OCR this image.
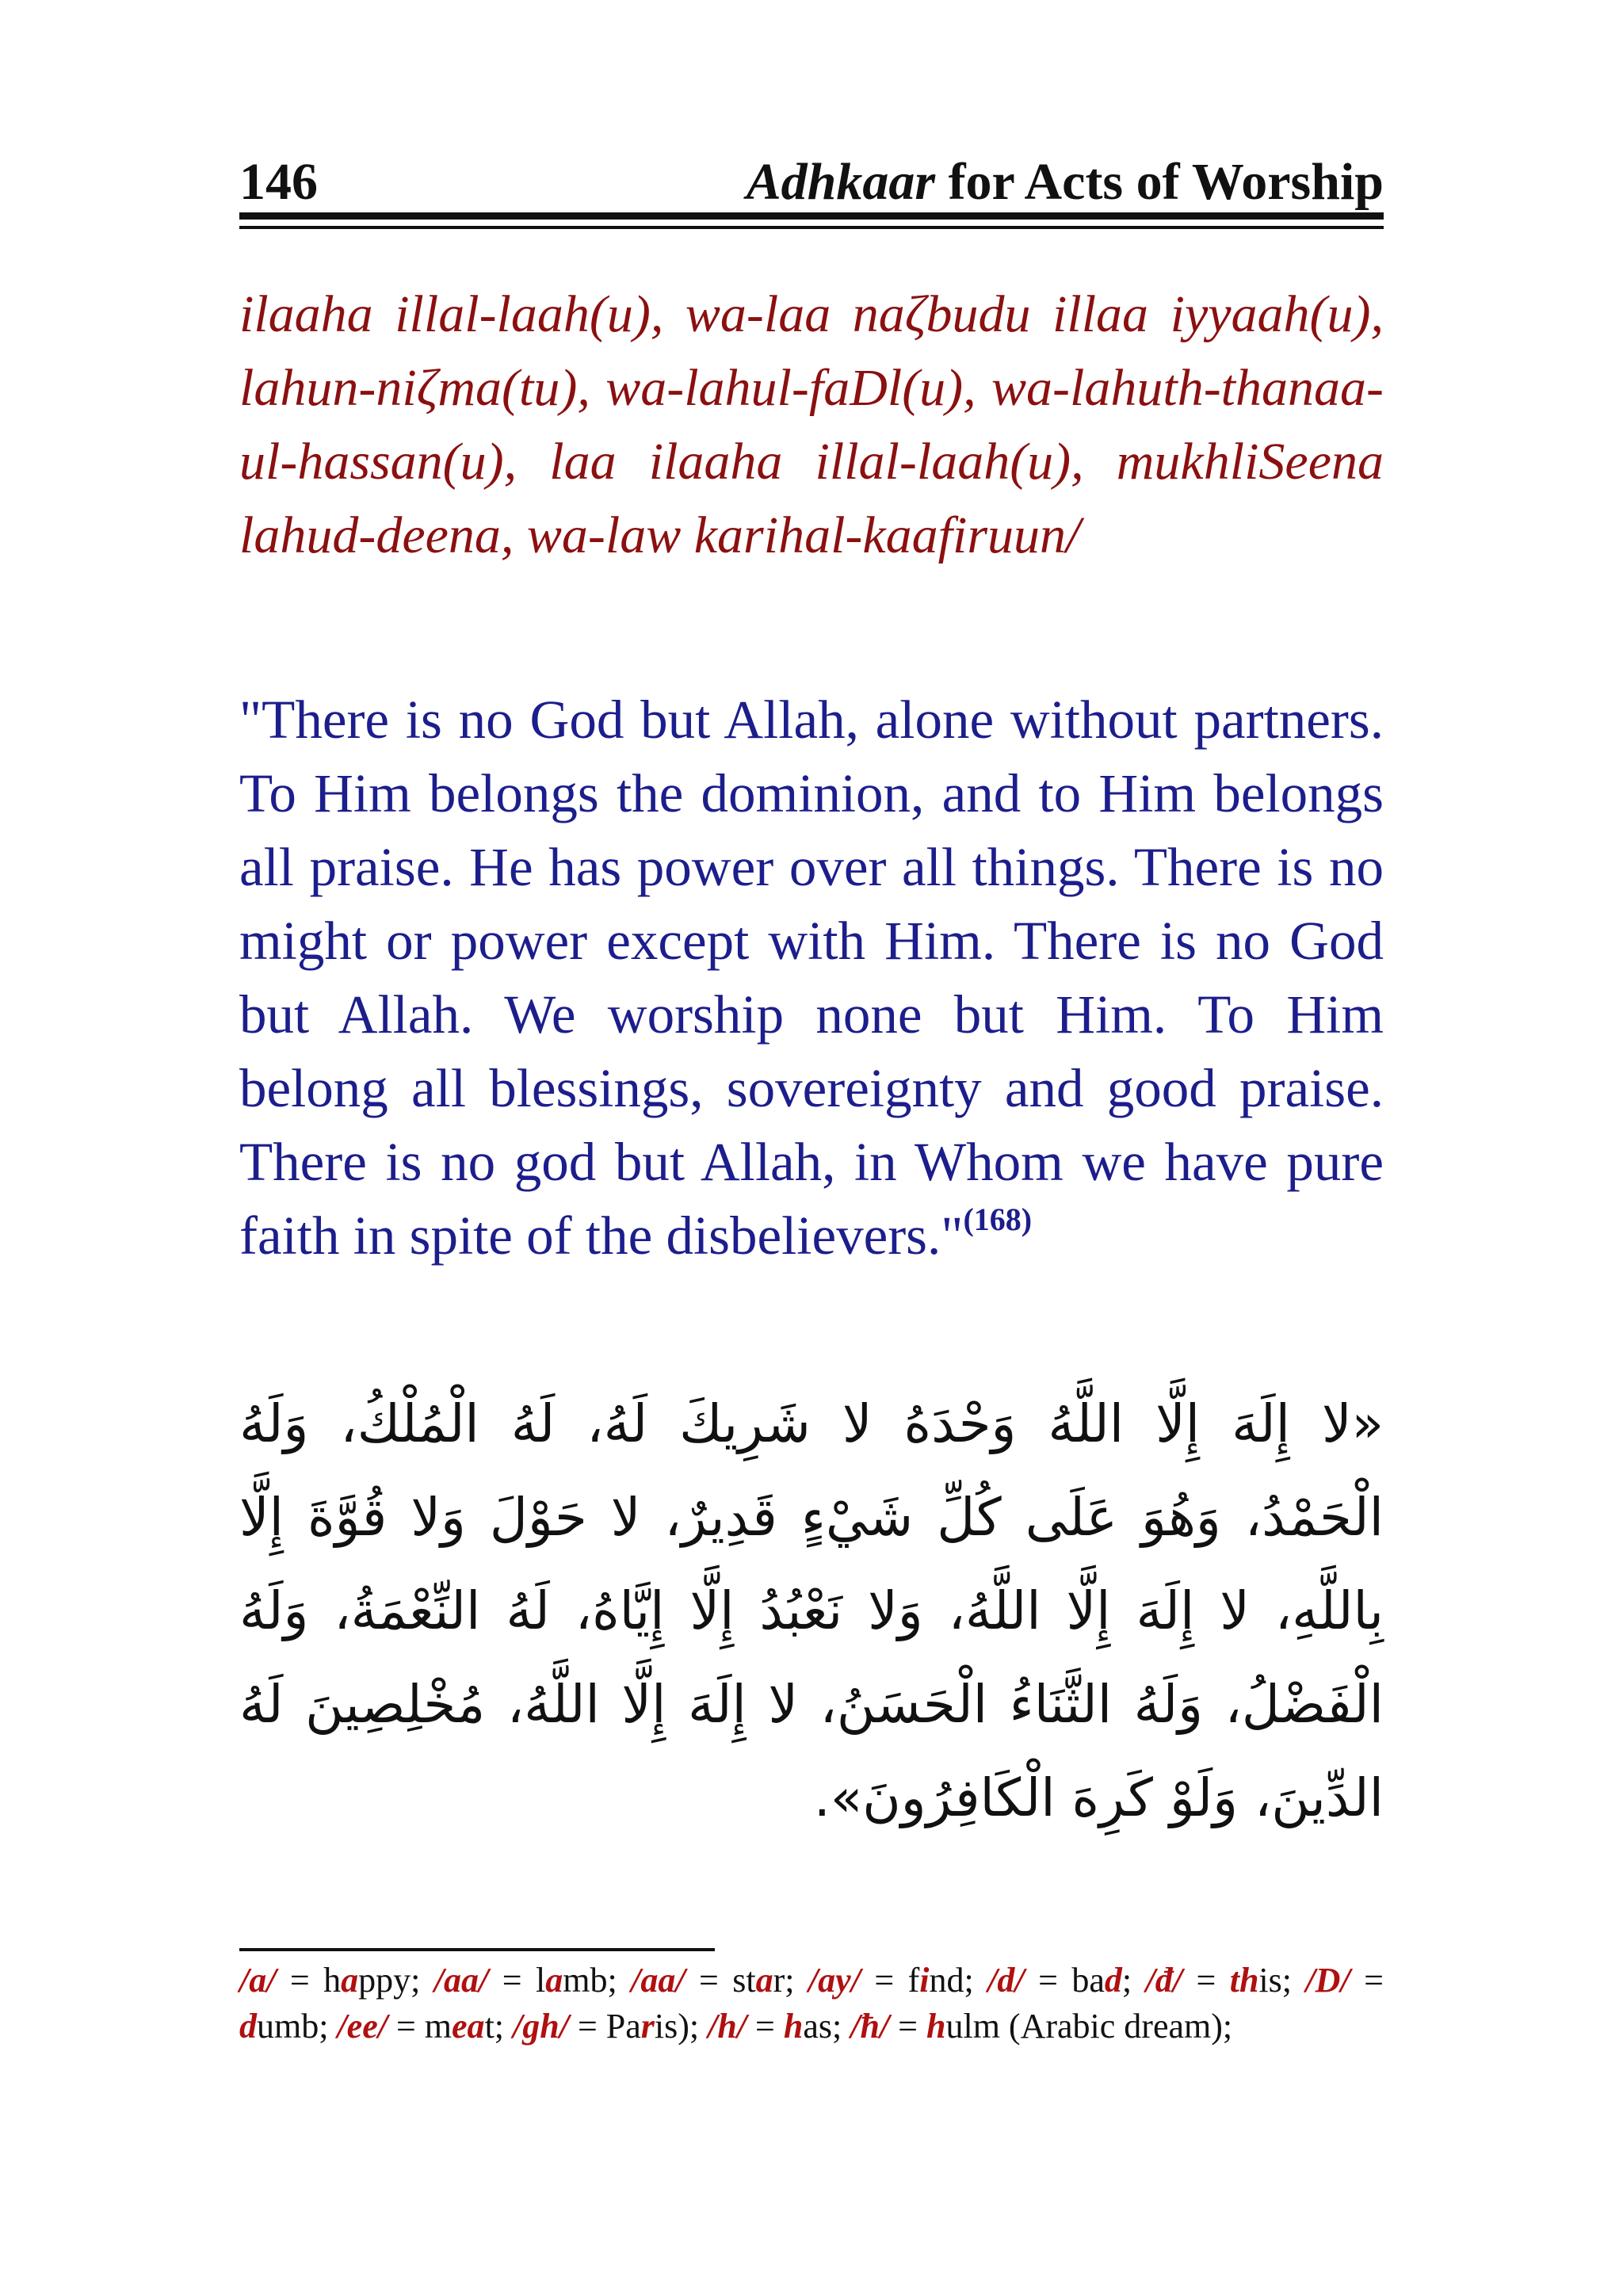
146	Adhkaar for Acts of Worship

ilaaha illal-laah(u), wa-laa naζbudu illaa iyyaah(u), lahun-niζma(tu), wa-lahul-faDl(u), wa-lahuth-thanaa-ul-hassan(u), laa ilaaha illal-laah(u), mukhliSeena lahud-deena, wa-law karihal-kaafiruun/

"There is no God but Allah, alone without partners. To Him belongs the dominion, and to Him belongs all praise. He has power over all things. There is no might or power except with Him. There is no God but Allah. We worship none but Him. To Him belong all blessings, sovereignty and good praise. There is no god but Allah, in Whom we have pure faith in spite of the disbelievers."$^{(168)}$

«لا إِلَهَ إِلَّا اللَّهُ وَحْدَهُ لا شَرِيكَ لَهُ، لَهُ الْمُلْكُ، وَلَهُ الْحَمْدُ، وَهُوَ عَلَى كُلِّ شَيْءٍ قَدِيرٌ، لا حَوْلَ وَلا قُوَّةَ إِلَّا بِاللَّهِ، لا إِلَهَ إِلَّا اللَّهُ، وَلا نَعْبُدُ إِلَّا إِيَّاهُ، لَهُ النِّعْمَةُ، وَلَهُ الْفَضْلُ، وَلَهُ الثَّنَاءُ الْحَسَنُ، لا إِلَهَ إِلَّا اللَّهُ، مُخْلِصِينَ لَهُ الدِّينَ، وَلَوْ كَرِهَ الْكَافِرُونَ».

/a/ = happy; /aa/ = lamb; /aa/ = star; /ay/ = find; /d/ = bad; /đ/ = this; /D/ = dumb; /ee/ = meat; /gh/ = Paris); /h/ = has; /ħ/ = hulm (Arabic dream);
